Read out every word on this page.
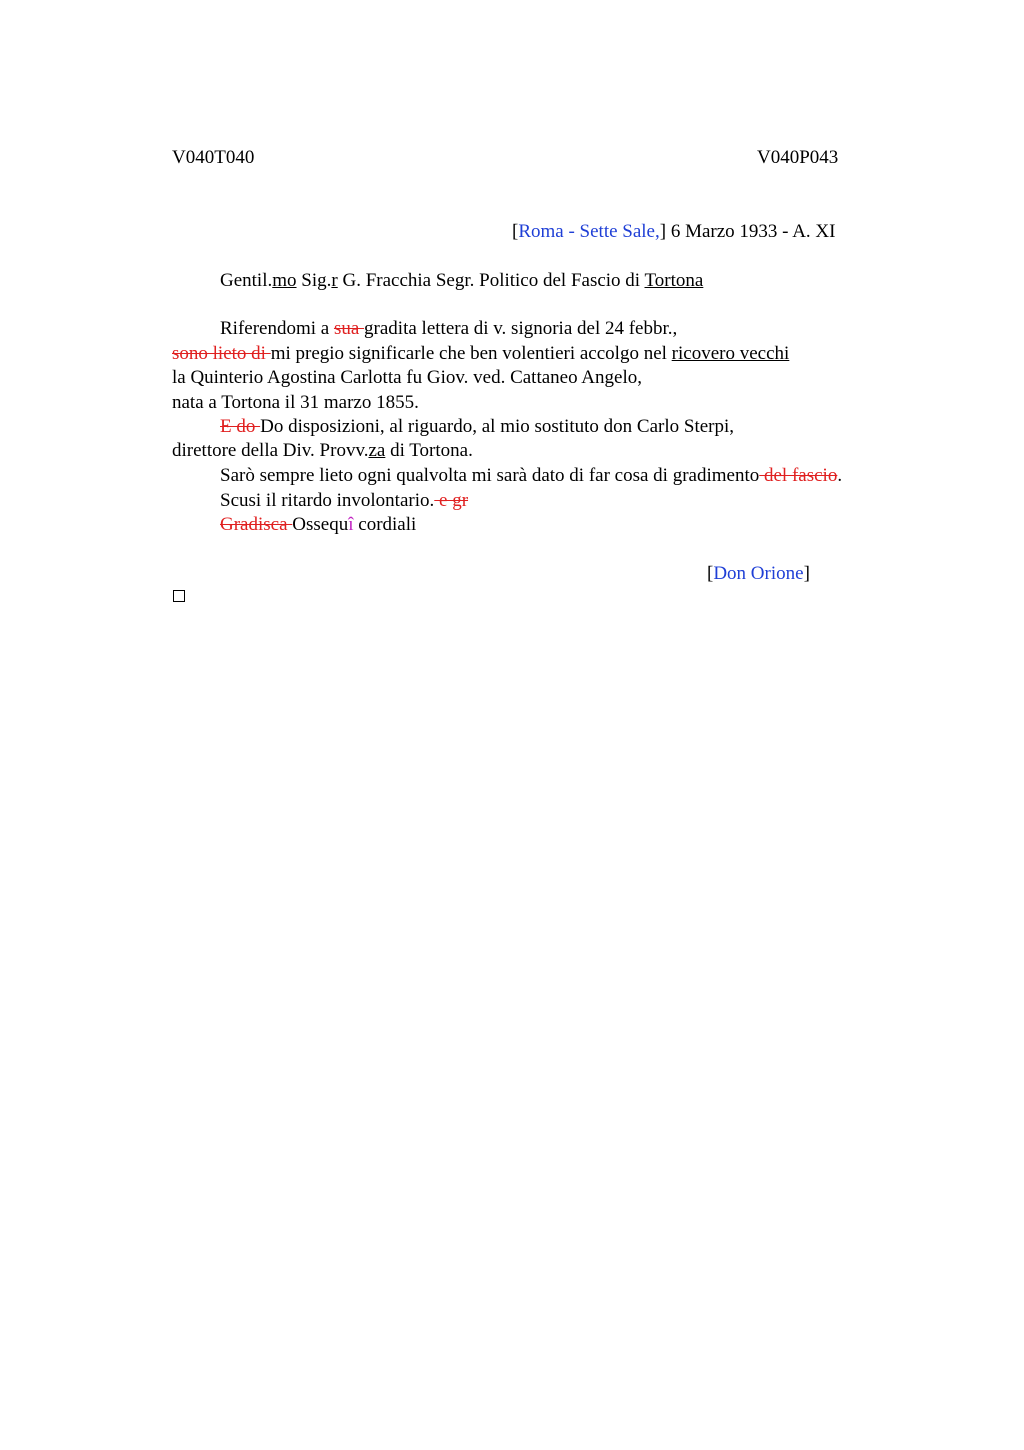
V040T040	V040P043
[Roma - Sette Sale,] 6 Marzo 1933 - A. XI
Gentil.mo Sig.r G. Fracchia Segr. Politico del Fascio di Tortona
Riferendomi a sua gradita lettera di v. signoria del 24 febbr.,
sono lieto di mi pregio significarle che ben volentieri accolgo nel ricovero vecchi
la Quinterio Agostina Carlotta fu Giov. ved. Cattaneo Angelo,
nata a Tortona il 31 marzo 1855.
E do Do disposizioni, al riguardo, al mio sostituto don Carlo Sterpi,
direttore della Div. Provv.za di Tortona.
Sarò sempre lieto ogni qualvolta mi sarà dato di far cosa di gradimento del fascio.
Scusi il ritardo involontario. e gr
Gradisca Ossequî cordiali
[Don Orione]
